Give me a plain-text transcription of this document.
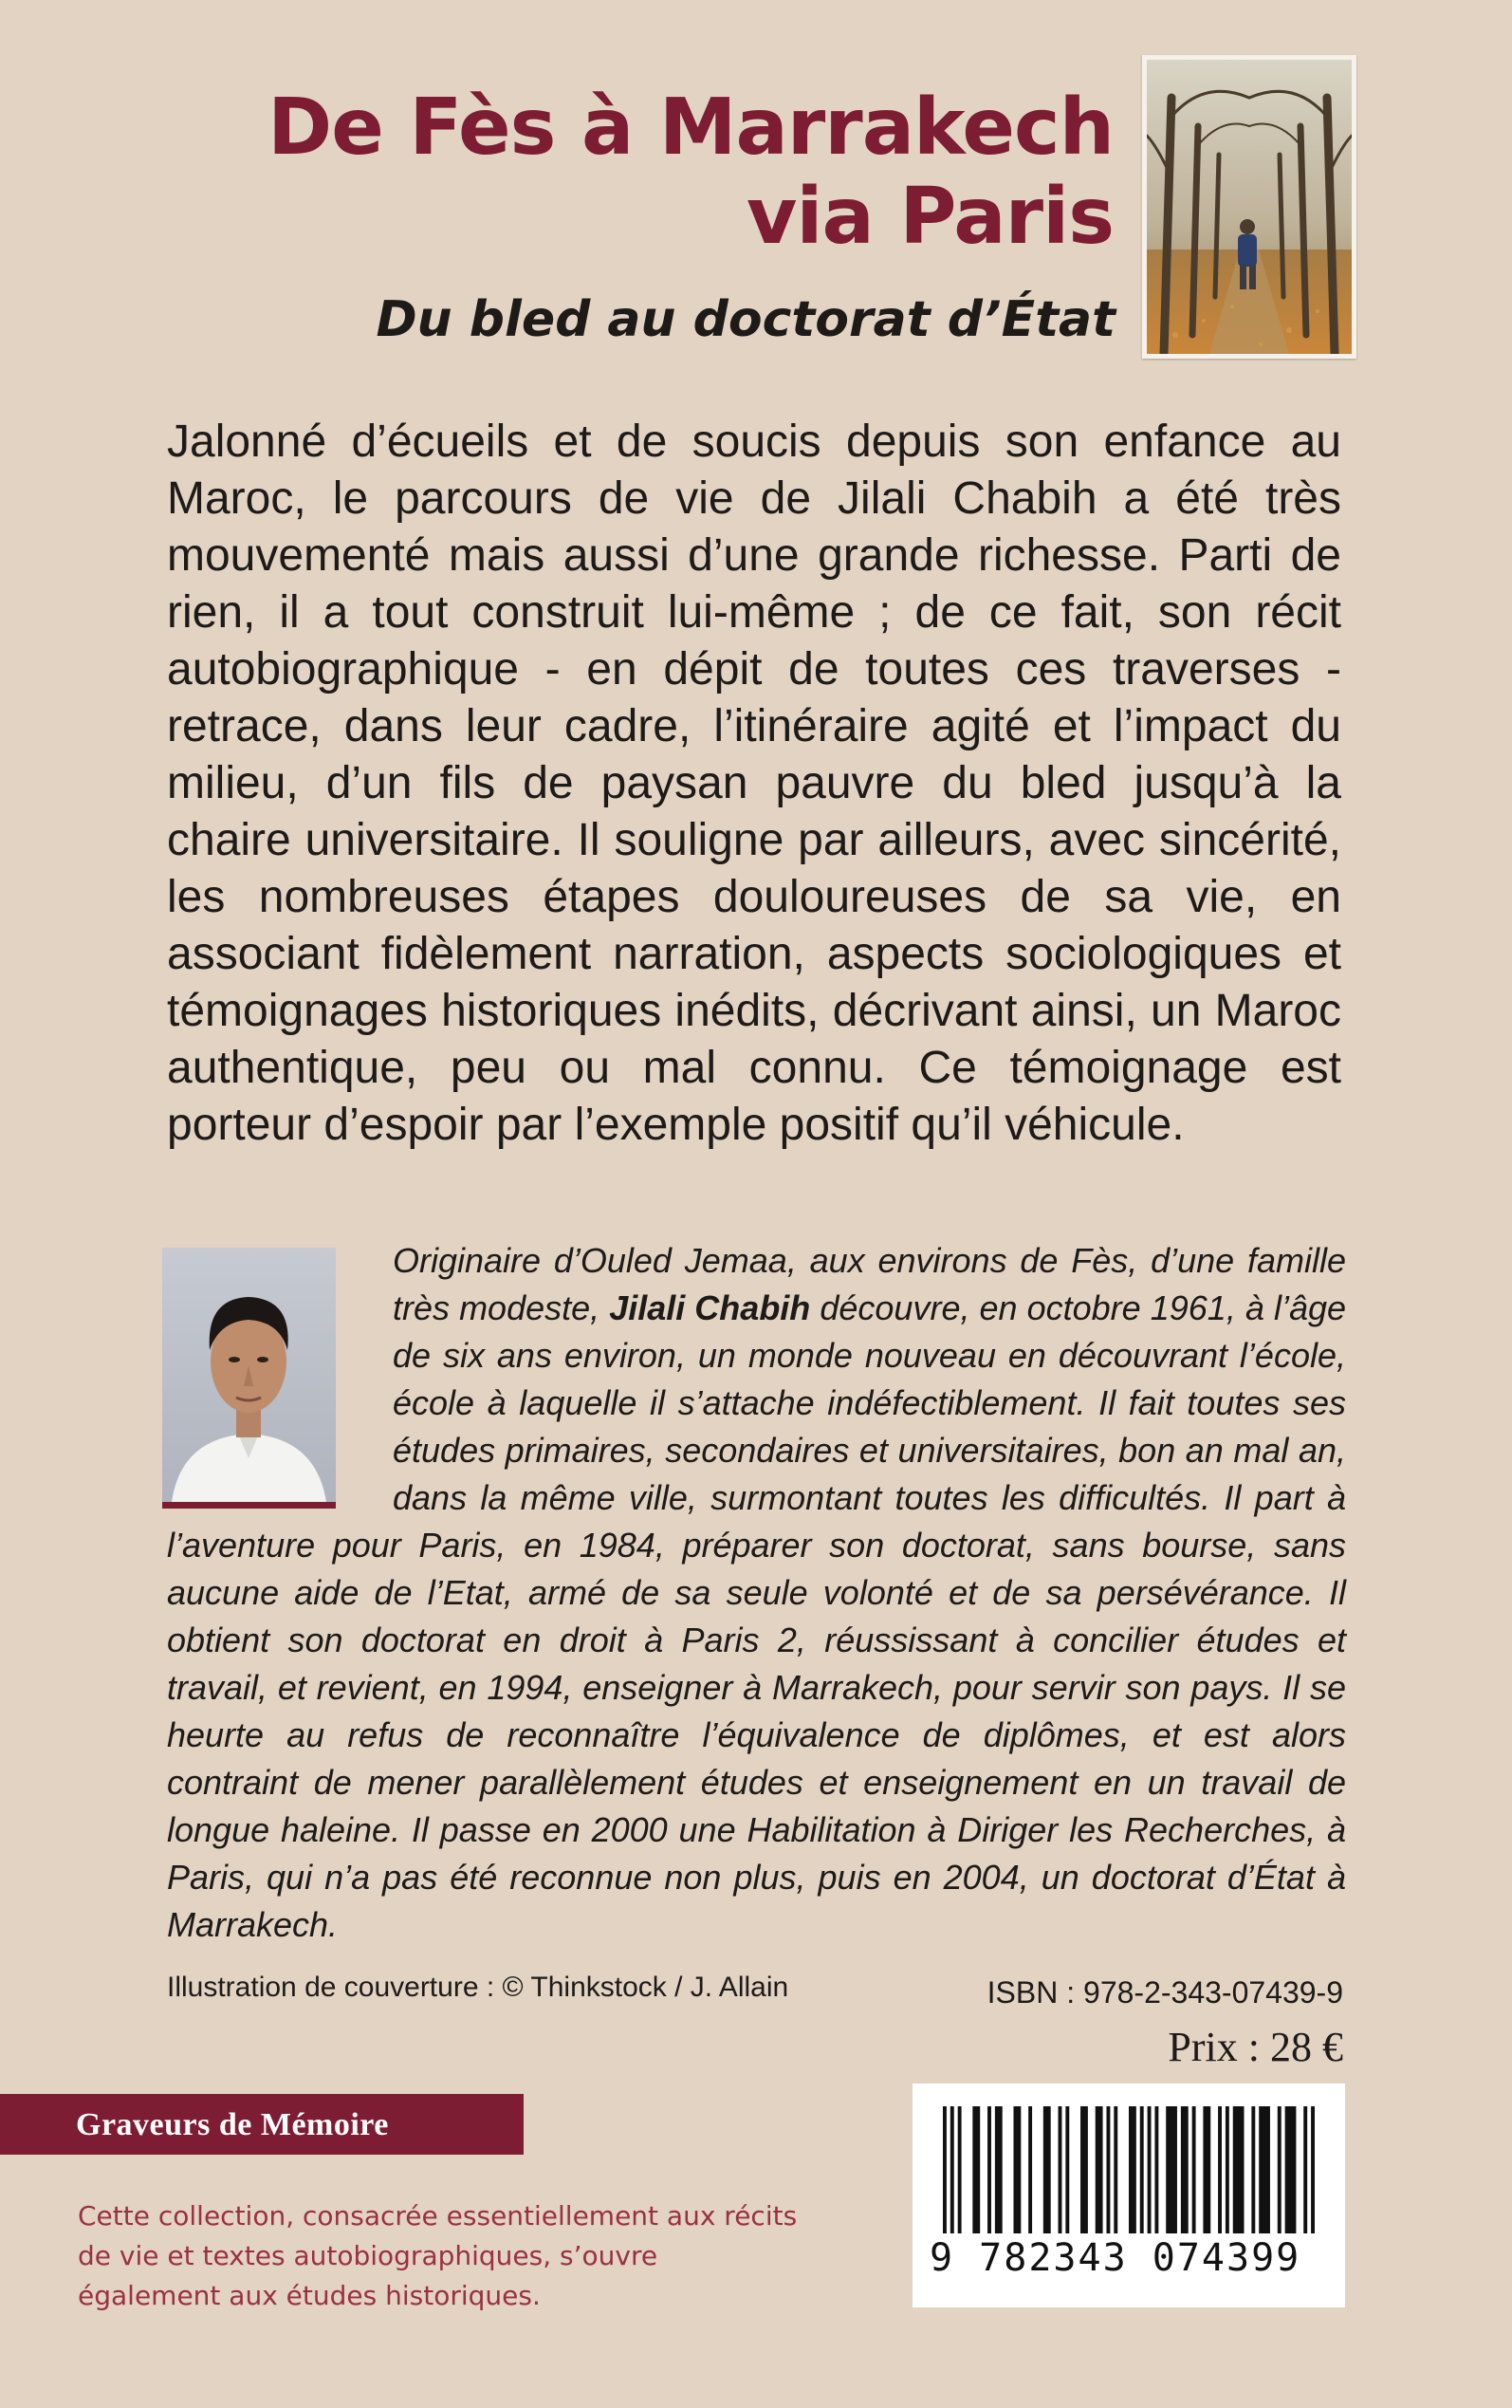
De Fès à Marrakech
via Paris
Du bled au doctorat d’État

Jalonné d’écueils et de soucis depuis son enfance au Maroc, le parcours de vie de Jilali Chabih a été très mouvementé mais aussi d’une grande richesse. Parti de rien, il a tout construit lui-même ; de ce fait, son récit autobiographique - en dépit de toutes ces traverses - retrace, dans leur cadre, l’itinéraire agité et l’impact du milieu, d’un fils de paysan pauvre du bled jusqu’à la chaire universitaire. Il souligne par ailleurs, avec sincérité, les nombreuses étapes douloureuses de sa vie, en associant fidèlement narration, aspects sociologiques et témoignages historiques inédits, décrivant ainsi, un Maroc authentique, peu ou mal connu. Ce témoignage est porteur d’espoir par l’exemple positif qu’il véhicule.

Originaire d’Ouled Jemaa, aux environs de Fès, d’une famille très modeste, Jilali Chabih découvre, en octobre 1961, à l’âge de six ans environ, un monde nouveau en découvrant l’école, école à laquelle il s’attache indéfectiblement. Il fait toutes ses études primaires, secondaires et universitaires, bon an mal an, dans la même ville, surmontant toutes les difficultés. Il part à l’aventure pour Paris, en 1984, préparer son doctorat, sans bourse, sans aucune aide de l’Etat, armé de sa seule volonté et de sa persévérance. Il obtient son doctorat en droit à Paris 2, réussissant à concilier études et travail, et revient, en 1994, enseigner à Marrakech, pour servir son pays. Il se heurte au refus de reconnaître l’équivalence de diplômes, et est alors contraint de mener parallèlement études et enseignement en un travail de longue haleine. Il passe en 2000 une Habilitation à Diriger les Recherches, à Paris, qui n’a pas été reconnue non plus, puis en 2004, un doctorat d’État à Marrakech.

Illustration de couverture : © Thinkstock / J. Allain	ISBN : 978-2-343-07439-9
Prix : 28 €
Graveurs de Mémoire

Cette collection, consacrée essentiellement aux récits de vie et textes autobiographiques, s’ouvre également aux études historiques.

9 782343 074399
